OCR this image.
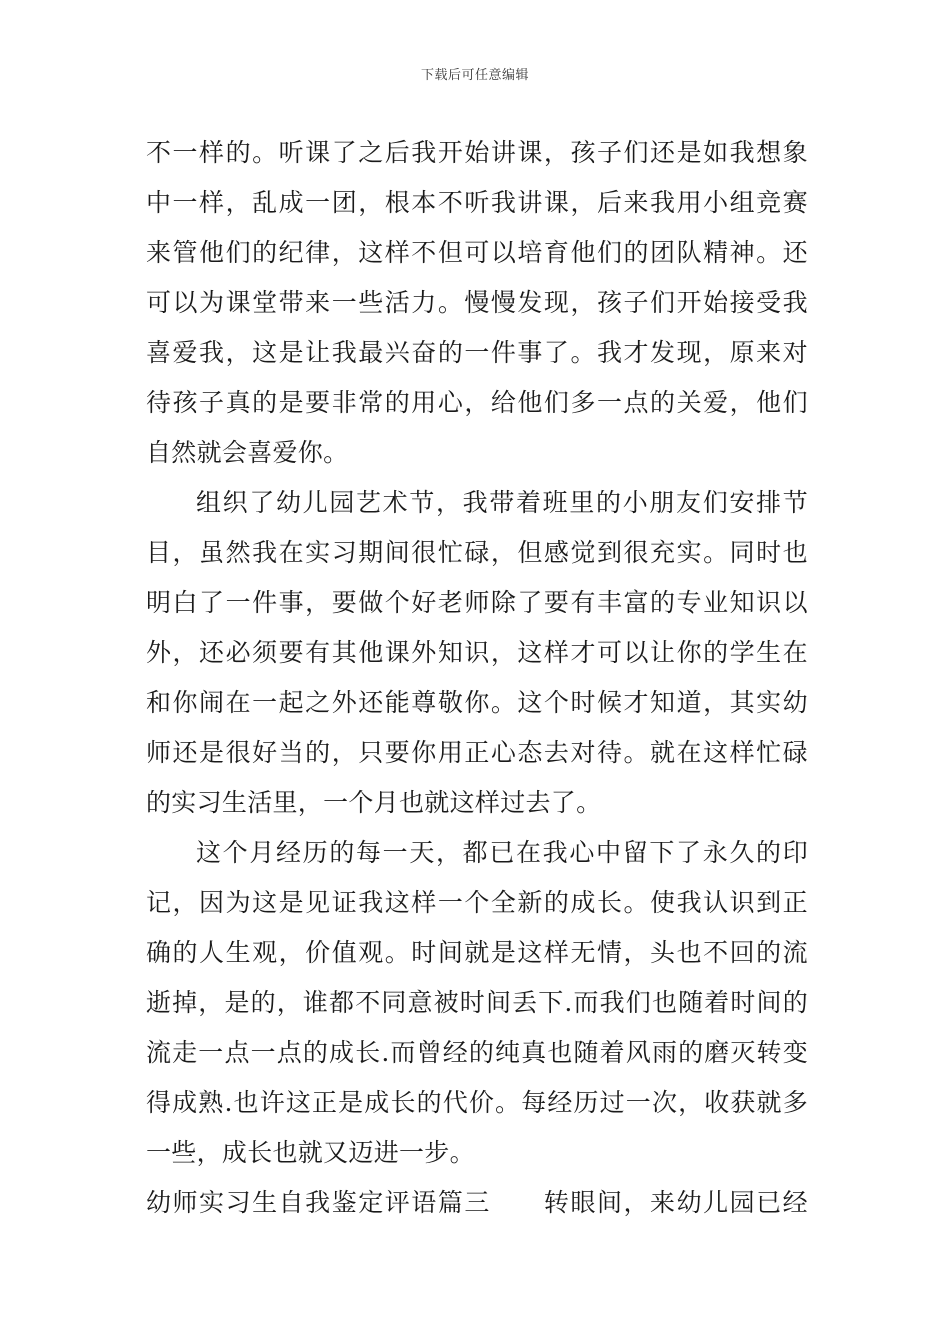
下载后可任意编辑
不一样的。听课了之后我开始讲课，孩子们还是如我想象
中一样，乱成一团，根本不听我讲课，后来我用小组竞赛
来管他们的纪律，这样不但可以培育他们的团队精神。还
可以为课堂带来一些活力。慢慢发现，孩子们开始接受我
喜爱我，这是让我最兴奋的一件事了。我才发现，原来对
待孩子真的是要非常的用心，给他们多一点的关爱，他们
自然就会喜爱你。
组织了幼儿园艺术节，我带着班里的小朋友们安排节
目，虽然我在实习期间很忙碌，但感觉到很充实。同时也
明白了一件事，要做个好老师除了要有丰富的专业知识以
外，还必须要有其他课外知识，这样才可以让你的学生在
和你闹在一起之外还能尊敬你。这个时候才知道，其实幼
师还是很好当的，只要你用正心态去对待。就在这样忙碌
的实习生活里，一个月也就这样过去了。
这个月经历的每一天，都已在我心中留下了永久的印
记，因为这是见证我这样一个全新的成长。使我认识到正
确的人生观，价值观。时间就是这样无情，头也不回的流
逝掉，是的，谁都不同意被时间丢下.而我们也随着时间的
流走一点一点的成长.而曾经的纯真也随着风雨的磨灭转变
得成熟.也许这正是成长的代价。每经历过一次，收获就多
一些，成长也就又迈进一步。
幼师实习生自我鉴定评语篇三　　转眼间，来幼儿园已经
